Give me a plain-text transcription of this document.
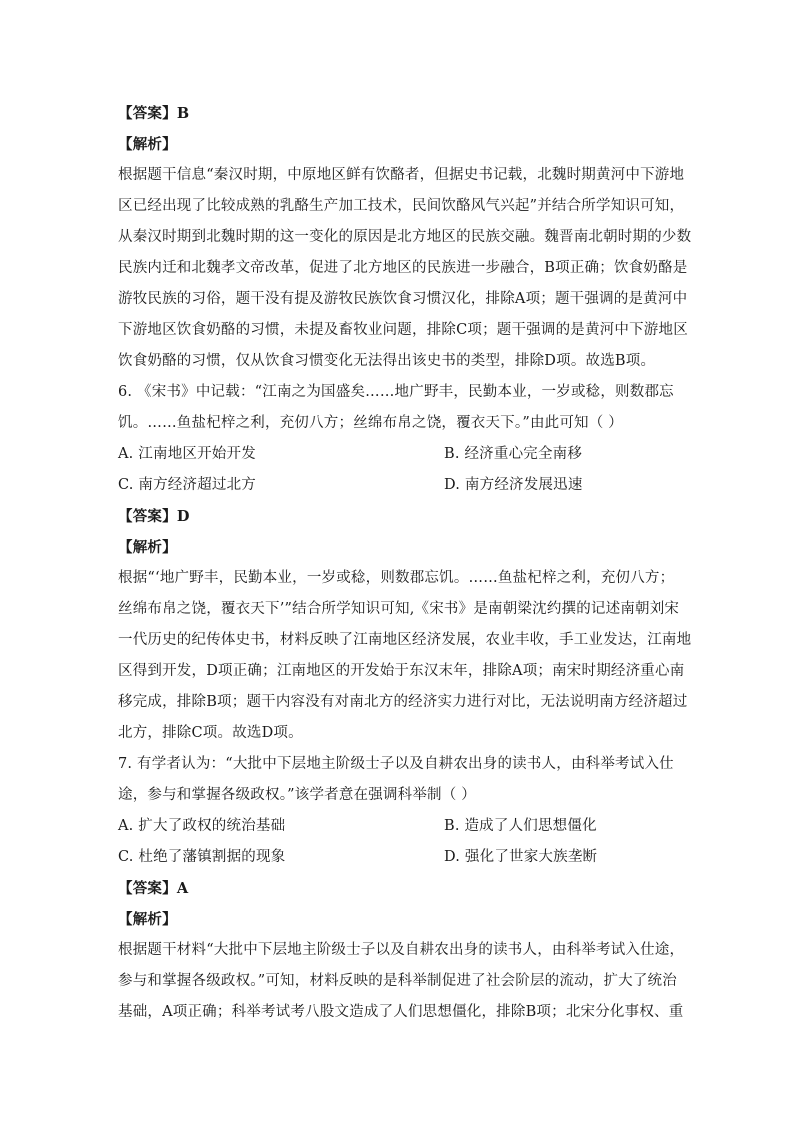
【答案】B

【解析】

根据题干信息“秦汉时期，中原地区鲜有饮酪者，但据史书记载，北魏时期黄河中下游地

区已经出现了比较成熟的乳酪生产加工技术，民间饮酪风气兴起”并结合所学知识可知，

从秦汉时期到北魏时期的这一变化的原因是北方地区的民族交融。魏晋南北朝时期的少数

民族内迁和北魏孝文帝改革，促进了北方地区的民族进一步融合，B项正确；饮食奶酪是

游牧民族的习俗，题干没有提及游牧民族饮食习惯汉化，排除A项；题干强调的是黄河中

下游地区饮食奶酪的习惯，未提及畜牧业问题，排除C项；题干强调的是黄河中下游地区

饮食奶酪的习惯，仅从饮食习惯变化无法得出该史书的类型，排除D项。故选B项。

6. 《宋书》中记载：“江南之为国盛矣……地广野丰，民勤本业，一岁或稔，则数郡忘

饥。……鱼盐杞梓之利，充仞八方；丝绵布帛之饶，覆衣天下。”由此可知（ ）

A. 江南地区开始开发	B. 经济重心完全南移
C. 南方经济超过北方	D. 南方经济发展迅速

【答案】D

【解析】

根据“‘地广野丰，民勤本业，一岁或稔，则数郡忘饥。……鱼盐杞梓之利，充仞八方；

丝绵布帛之饶，覆衣天下’”结合所学知识可知,《宋书》是南朝梁沈约撰的记述南朝刘宋

一代历史的纪传体史书，材料反映了江南地区经济发展，农业丰收，手工业发达，江南地

区得到开发，D项正确；江南地区的开发始于东汉末年，排除A项；南宋时期经济重心南

移完成，排除B项；题干内容没有对南北方的经济实力进行对比，无法说明南方经济超过

北方，排除C项。故选D项。

7. 有学者认为：“大批中下层地主阶级士子以及自耕农出身的读书人，由科举考试入仕

途，参与和掌握各级政权。”该学者意在强调科举制（ ）

A. 扩大了政权的统治基础	B. 造成了人们思想僵化
C. 杜绝了藩镇割据的现象	D. 强化了世家大族垄断

【答案】A

【解析】

根据题干材料“大批中下层地主阶级士子以及自耕农出身的读书人，由科举考试入仕途，

参与和掌握各级政权。”可知，材料反映的是科举制促进了社会阶层的流动，扩大了统治

基础，A项正确；科举考试考八股文造成了人们思想僵化，排除B项；北宋分化事权、重
